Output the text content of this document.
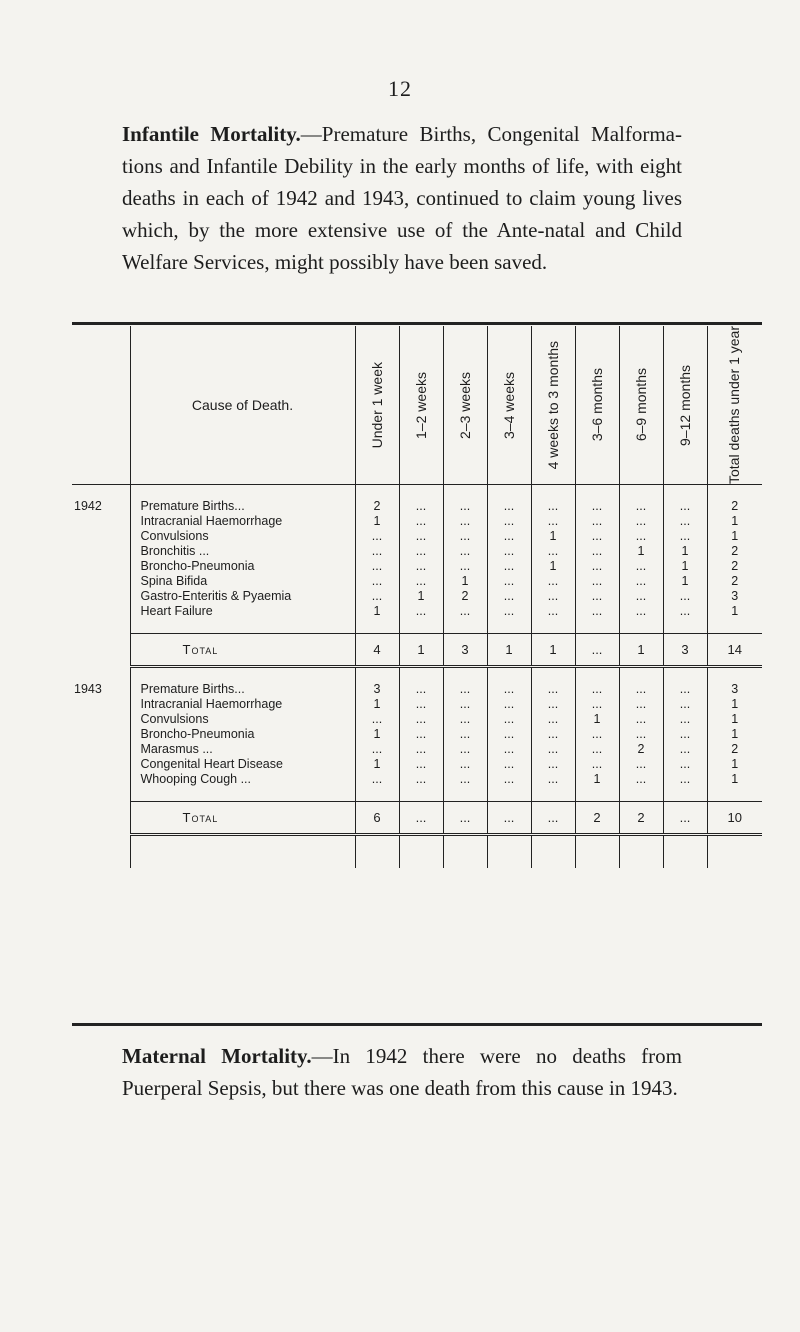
12

Infantile Mortality.—Premature Births, Congenital Malforma- tions and Infantile Debility in the early months of life, with eight deaths in each of 1942 and 1943, continued to claim young lives which, by the more extensive use of the Ante-natal and Child Welfare Services, might possibly have been saved.

	Cause of Death.	Under 1 week	1–2 weeks	2–3 weeks	3–4 weeks	4 weeks to 3 months	3–6 months	6–9 months	9–12 months	Total deaths under 1 year

1942	Premature Births...	2	...	...	...	...	...	...	...	2
	Intracranial Haemorrhage	1	...	...	...	...	...	...	...	1
	Convulsions	...	...	...	...	1	...	...	...	1
	Bronchitis ...	...	...	...	...	...	...	1	1	2
	Broncho-Pneumonia	...	...	...	...	1	...	...	1	2
	Spina Bifida	...	...	1	...	...	...	...	1	2
	Gastro-Enteritis & Pyaemia	...	1	2	...	...	...	...	...	3
	Heart Failure	1	...	...	...	...	...	...	...	1

	Total	4	1	3	1	1	...	1	3	14

1943	Premature Births...	3	...	...	...	...	...	...	...	3
	Intracranial Haemorrhage	1	...	...	...	...	...	...	...	1
	Convulsions	...	...	...	...	...	1	...	...	1
	Broncho-Pneumonia	1	...	...	...	...	...	...	...	1
	Marasmus ...	...	...	...	...	...	...	2	...	2
	Congenital Heart Disease	1	...	...	...	...	...	...	...	1
	Whooping Cough ...	...	...	...	...	...	1	...	...	1

	Total	6	...	...	...	...	2	2	...	10

Maternal Mortality.—In 1942 there were no deaths from Puerperal Sepsis, but there was one death from this cause in 1943.
